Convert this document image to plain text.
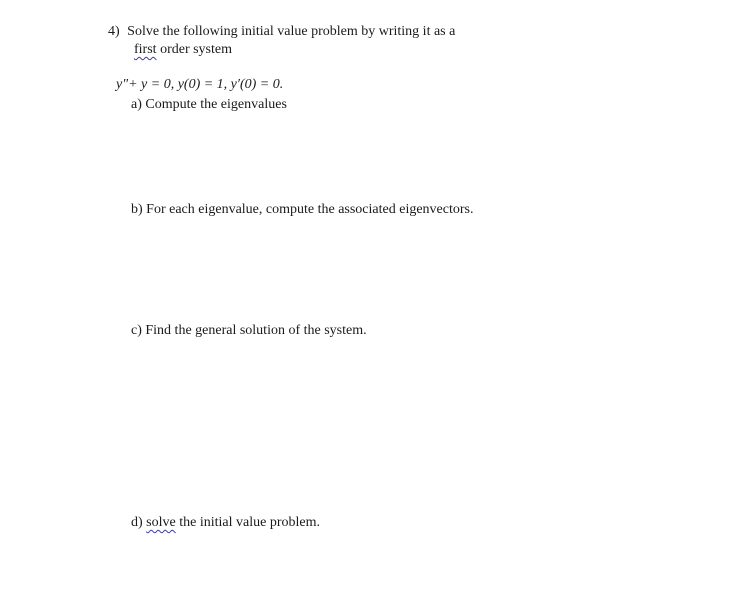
4) Solve the following initial value problem by writing it as a
first order system
y"+ y = 0, y(0) = 1, y′(0) = 0.
a) Compute the eigenvalues
b) For each eigenvalue, compute the associated eigenvectors.
c) Find the general solution of the system.
d) solve the initial value problem.
